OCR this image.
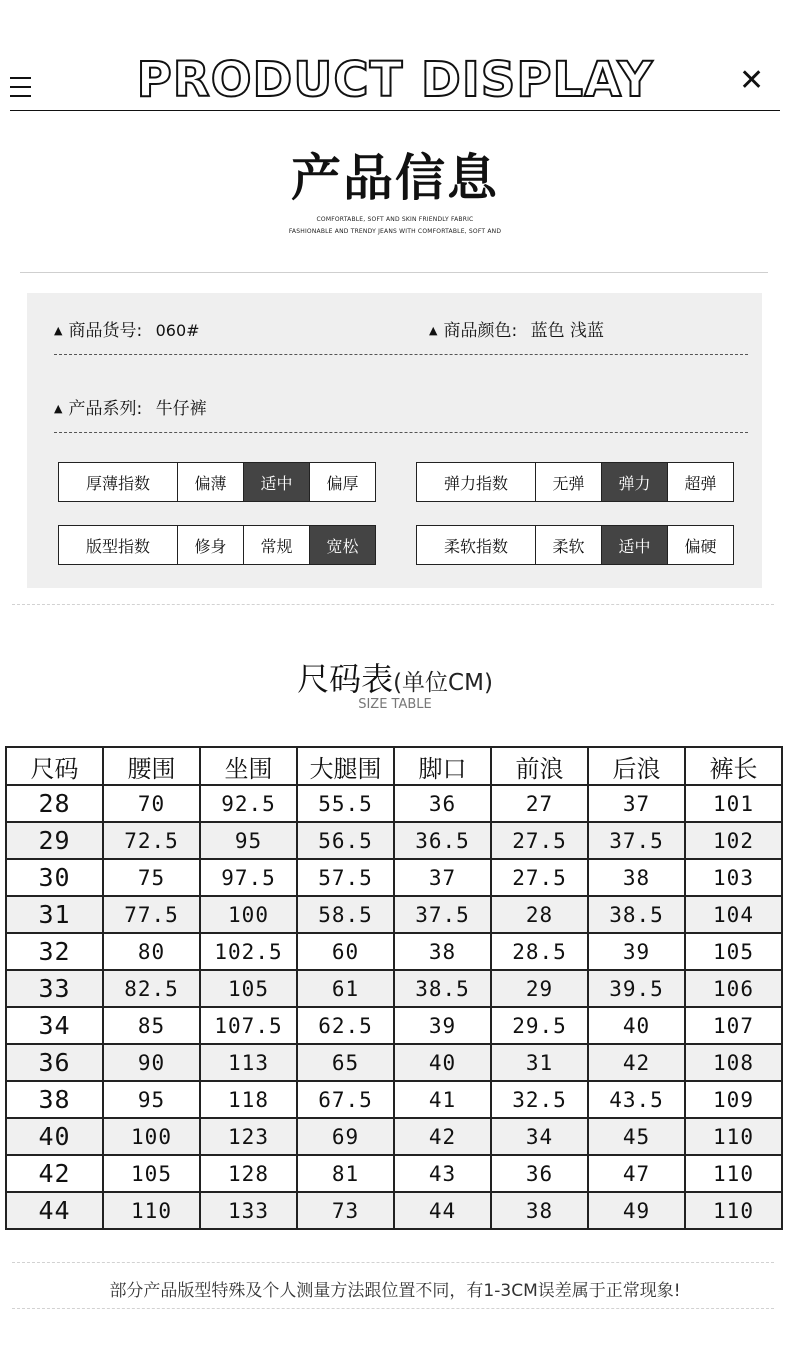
PRODUCT DISPLAY	✕
产品信息
COMFORTABLE, SOFT AND SKIN FRIENDLY FABRIC
FASHIONABLE AND TRENDY JEANS WITH COMFORTABLE, SOFT AND
▲ 商品货号: 060#	▲ 商品颜色: 蓝色 浅蓝
▲ 产品系列: 牛仔裤
厚薄指数	偏薄	适中	偏厚	弹力指数	无弹	弹力	超弹
版型指数	修身	常规	宽松	柔软指数	柔软	适中	偏硬
尺码表(单位CM)
SIZE TABLE
尺码	腰围	坐围	大腿围	脚口	前浪	后浪	裤长
28	70	92.5	55.5	36	27	37	101
29	72.5	95	56.5	36.5	27.5	37.5	102
30	75	97.5	57.5	37	27.5	38	103
31	77.5	100	58.5	37.5	28	38.5	104
32	80	102.5	60	38	28.5	39	105
33	82.5	105	61	38.5	29	39.5	106
34	85	107.5	62.5	39	29.5	40	107
36	90	113	65	40	31	42	108
38	95	118	67.5	41	32.5	43.5	109
40	100	123	69	42	34	45	110
42	105	128	81	43	36	47	110
44	110	133	73	44	38	49	110
部分产品版型特殊及个人测量方法跟位置不同，有1-3CM误差属于正常现象!
